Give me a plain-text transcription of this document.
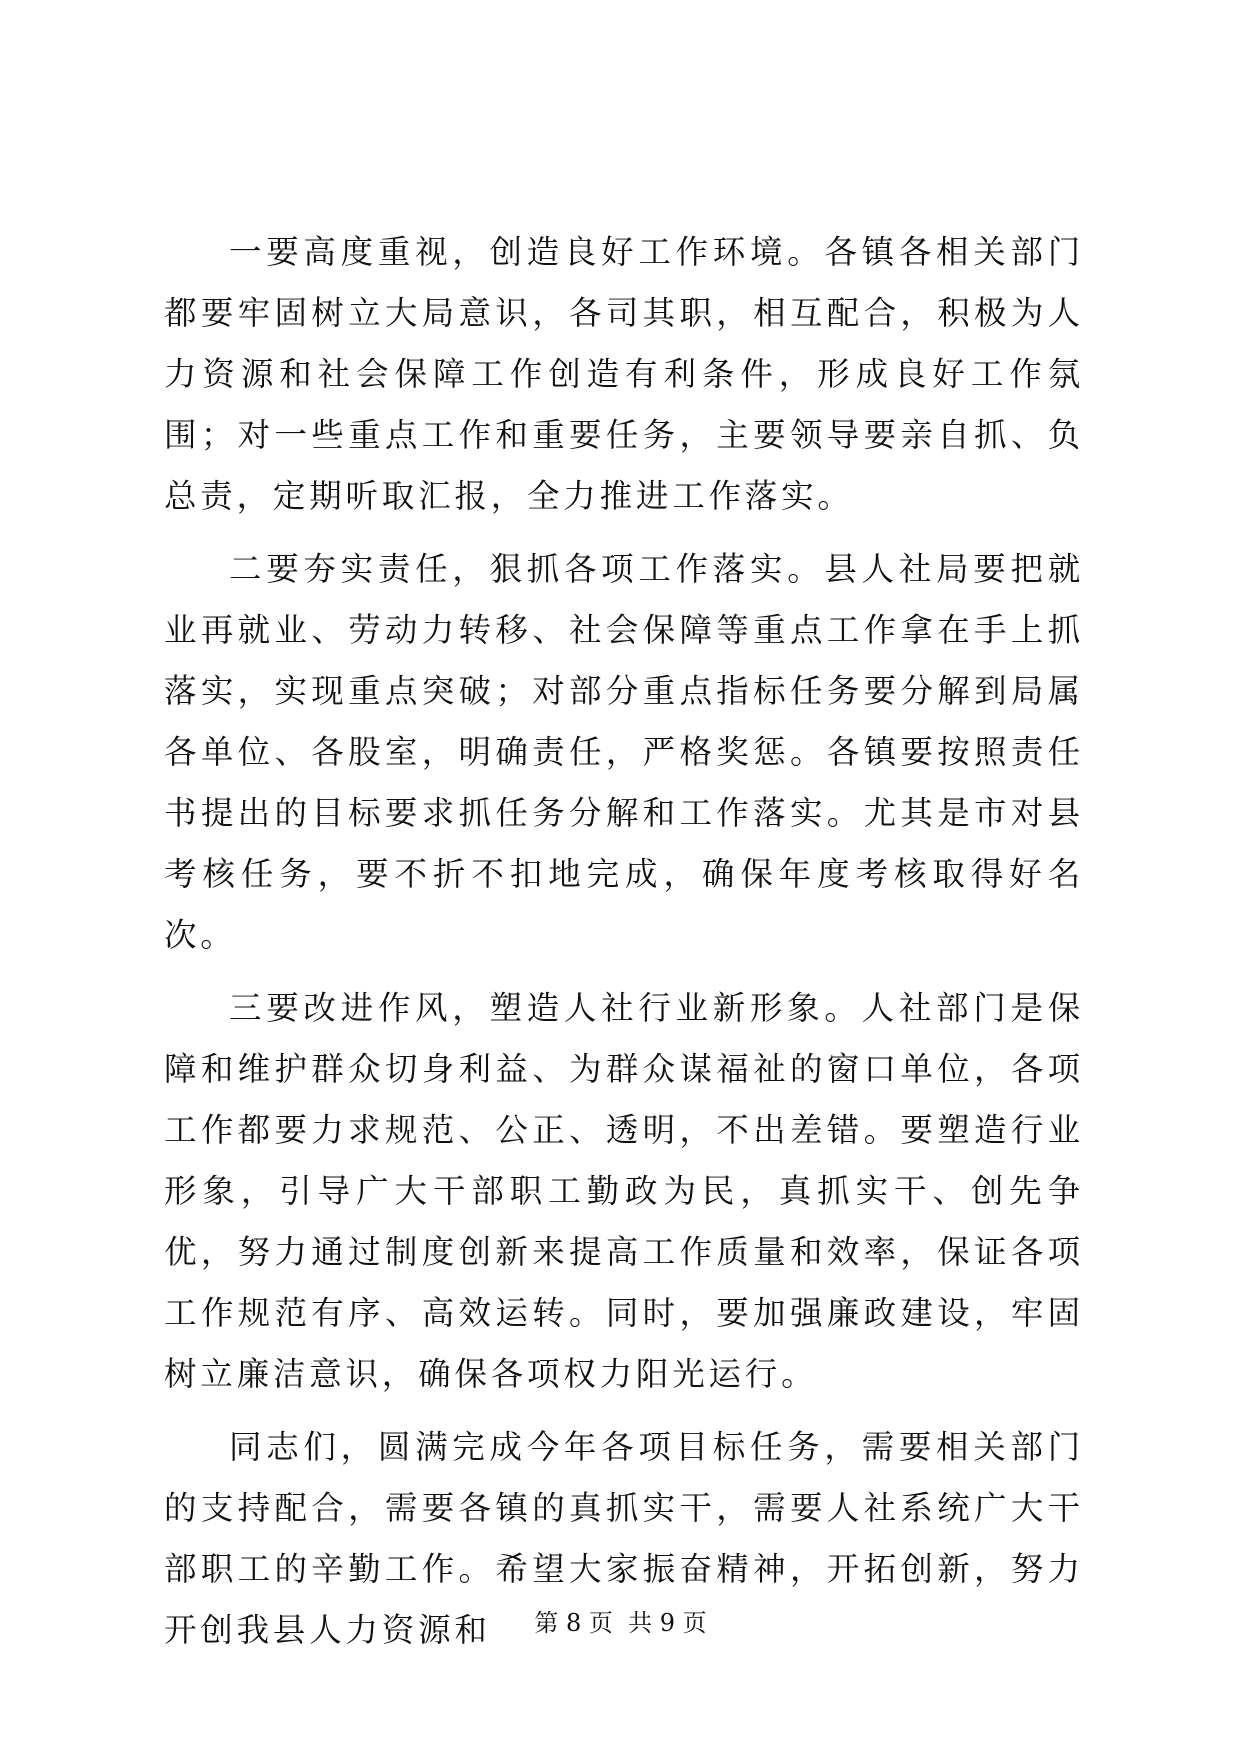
一要高度重视，创造良好工作环境。各镇各相关部门都要牢固树立大局意识，各司其职，相互配合，积极为人力资源和社会保障工作创造有利条件，形成良好工作氛围；对一些重点工作和重要任务，主要领导要亲自抓、负总责，定期听取汇报，全力推进工作落实。

二要夯实责任，狠抓各项工作落实。县人社局要把就业再就业、劳动力转移、社会保障等重点工作拿在手上抓落实，实现重点突破；对部分重点指标任务要分解到局属各单位、各股室，明确责任，严格奖惩。各镇要按照责任书提出的目标要求抓任务分解和工作落实。尤其是市对县考核任务，要不折不扣地完成，确保年度考核取得好名次。

三要改进作风，塑造人社行业新形象。人社部门是保障和维护群众切身利益、为群众谋福祉的窗口单位，各项工作都要力求规范、公正、透明，不出差错。要塑造行业形象，引导广大干部职工勤政为民，真抓实干、创先争优，努力通过制度创新来提高工作质量和效率，保证各项工作规范有序、高效运转。同时，要加强廉政建设，牢固树立廉洁意识，确保各项权力阳光运行。

同志们，圆满完成今年各项目标任务，需要相关部门的支持配合，需要各镇的真抓实干，需要人社系统广大干部职工的辛勤工作。希望大家振奋精神，开拓创新，努力开创我县人力资源和	第 8 页  共 9 页
